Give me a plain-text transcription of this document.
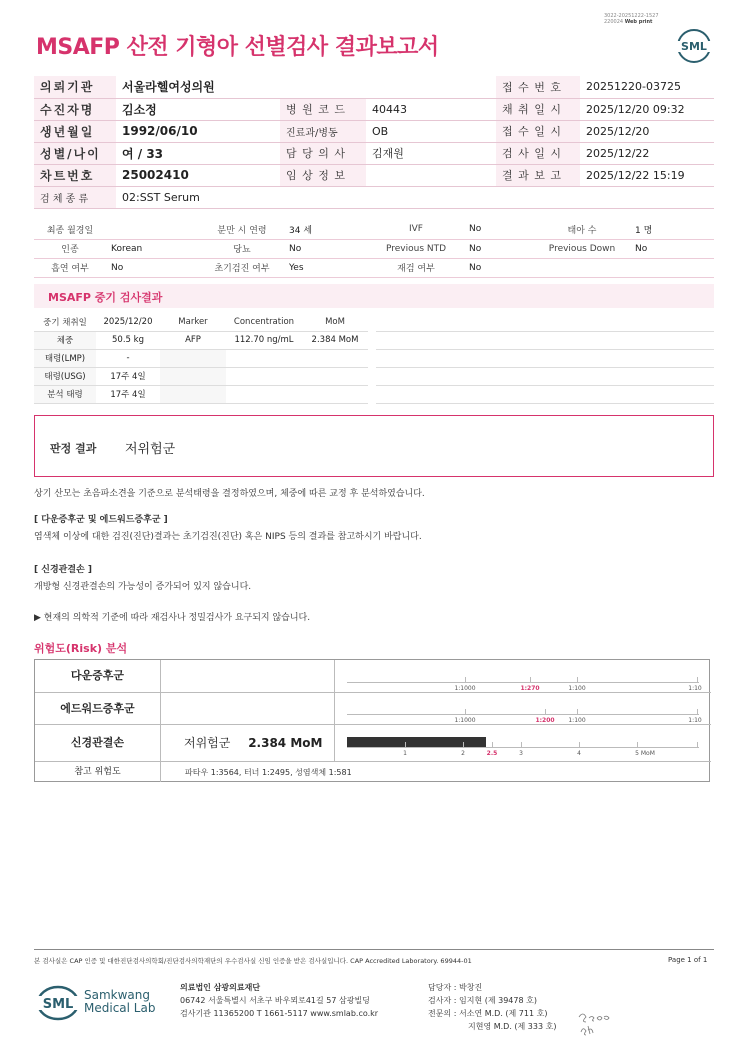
MSAFP 산전 기형아 선별검사 결과보고서
3022-20251222-1527
220024 Web print
SML
의뢰기관	서울라헬여성의원			접 수 번 호	20251220-03725
수진자명	김소정	병 원 코 드	40443	채 취 일 시	2025/12/20 09:32
생년월일	1992/06/10	진료과/병동	OB	접 수 일 시	2025/12/20
성별/나이	여 / 33	담 당 의 사	김재원	검 사 일 시	2025/12/22
차트번호	25002410	임 상 정 보		결 과 보 고	2025/12/22 15:19
검 체 종 류	02:SST Serum				
최종 월경일		분만 시 연령	34 세	IVF	No	태아 수	1 명
인종	Korean	당뇨	No	Previous NTD	No	Previous Down	No
흡연 여부	No	초기검진 여부	Yes	재검 여부	No		
MSAFP 중기 검사결과
중기 채취일	2025/12/20	Marker	Concentration	MoM
체중	50.5 kg	AFP	112.70 ng/mL	2.384 MoM
태령(LMP)	-			
태령(USG)	17주 4일			
분석 태령	17주 4일			

판정 결과 저위험군
상기 산모는 초음파소견을 기준으로 분석태령을 결정하였으며, 체중에 따른 교정 후 분석하였습니다.
[ 다운증후군 및 에드워드증후군 ]
염색체 이상에 대한 검진(진단)결과는 초기검진(진단) 혹은 NIPS 등의 결과를 참고하시기 바랍니다.
[ 신경관결손 ]
개방형 신경관결손의 가능성이 증가되어 있지 않습니다.
▶ 현재의 의학적 기준에 따라 재검사나 정밀검사가 요구되지 않습니다.
위험도(Risk) 분석
다운증후군
1:1000	1:270	1:100	1:10
에드워드증후군
1:1000	1:200 1:100	1:10
신경관결손	저위험군 2.384 MoM
1	2	2.5	3	4	5 MoM
참고 위험도	파타우 1:3564, 터너 1:2495, 성염색체 1:581
본 검사실은 CAP 인증 및 대한진단검사의학회/진단검사의학재단의 우수검사실 신임 인증을 받은 검사실입니다. CAP Accredited Laboratory. 69944-01	Page 1 of 1
SML
Samkwang
Medical Lab
의료법인 삼광의료재단
06742 서울특별시 서초구 바우뫼로41길 57 삼광빌딩
검사기관 11365200 T 1661-5117 www.smlab.co.kr
담당자 : 박창진
검사자 : 임지현 (제 39478 호)
전문의 : 서소연 M.D. (제 711 호)
지현영 M.D. (제 333 호)
